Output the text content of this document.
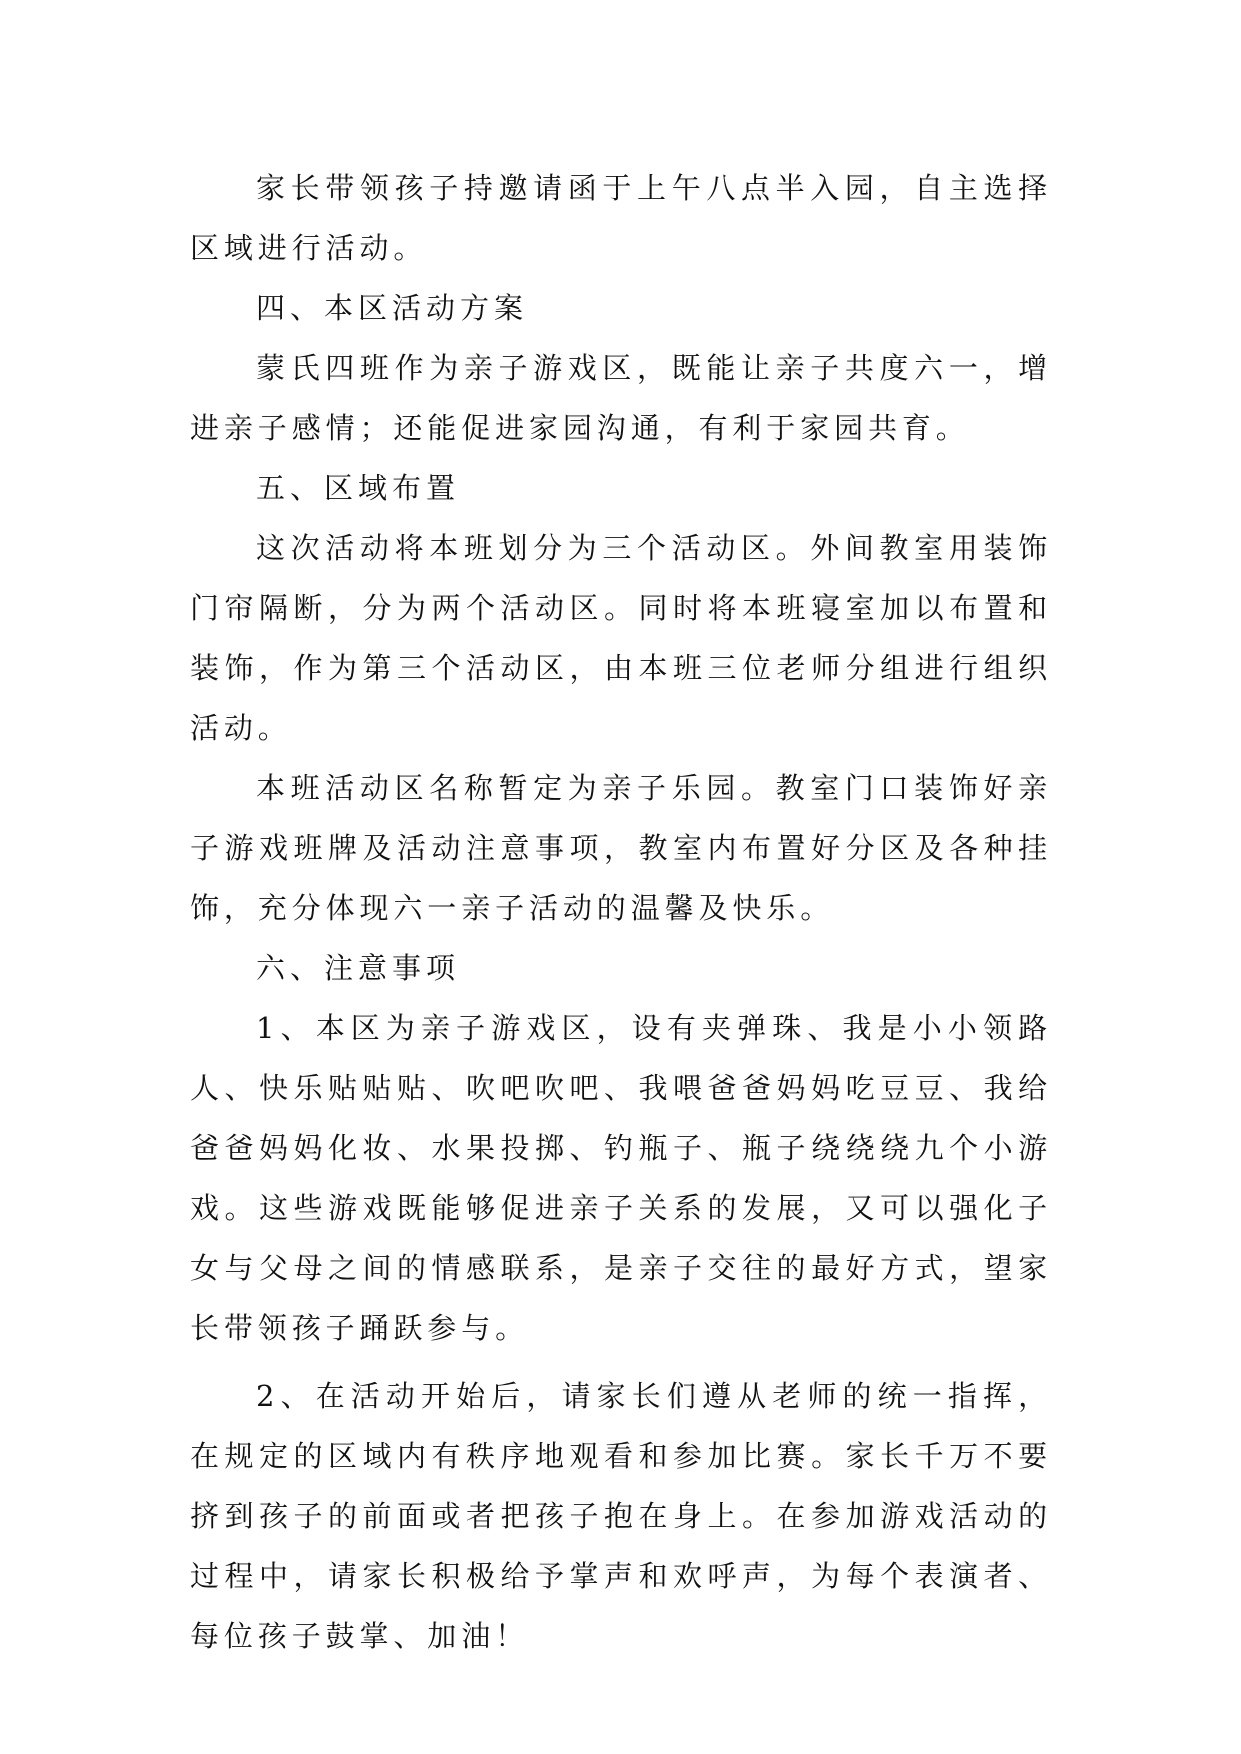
家长带领孩子持邀请函于上午八点半入园，自主选择区域进行活动。

四、本区活动方案

蒙氏四班作为亲子游戏区，既能让亲子共度六一，增进亲子感情；还能促进家园沟通，有利于家园共育。

五、区域布置

这次活动将本班划分为三个活动区。外间教室用装饰门帘隔断，分为两个活动区。同时将本班寝室加以布置和装饰，作为第三个活动区，由本班三位老师分组进行组织活动。

本班活动区名称暂定为亲子乐园。教室门口装饰好亲子游戏班牌及活动注意事项，教室内布置好分区及各种挂饰，充分体现六一亲子活动的温馨及快乐。

六、注意事项

1、本区为亲子游戏区，设有夹弹珠、我是小小领路人、快乐贴贴贴、吹吧吹吧、我喂爸爸妈妈吃豆豆、我给爸爸妈妈化妆、水果投掷、钓瓶子、瓶子绕绕绕九个小游戏。这些游戏既能够促进亲子关系的发展，又可以强化子女与父母之间的情感联系，是亲子交往的最好方式，望家长带领孩子踊跃参与。

2、在活动开始后，请家长们遵从老师的统一指挥，在规定的区域内有秩序地观看和参加比赛。家长千万不要挤到孩子的前面或者把孩子抱在身上。在参加游戏活动的过程中，请家长积极给予掌声和欢呼声，为每个表演者、每位孩子鼓掌、加油！
